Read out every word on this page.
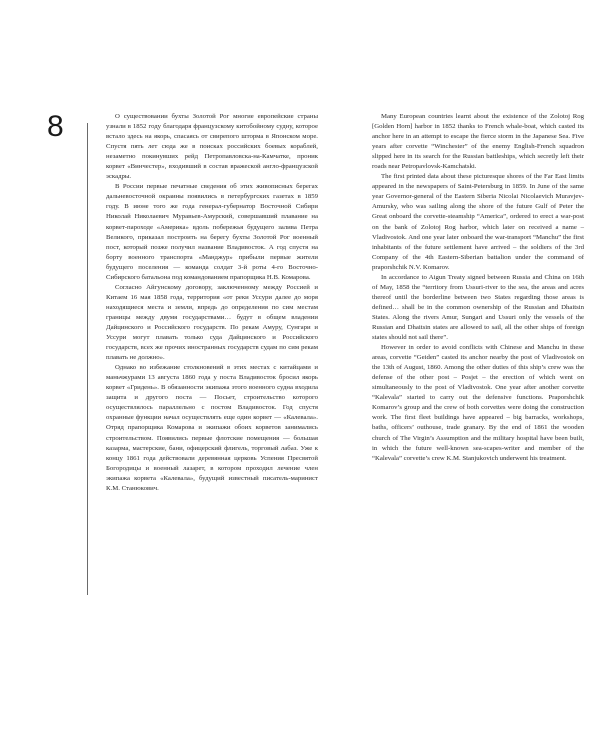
8	О существовании бухты Золотой Рог многие европейские страны узнали в 1852 году благодаря французскому китобойному судну, которое встало здесь на якорь, спасаясь от свирепого шторма в Японском море. Спустя пять лет сюда же в поисках российских боевых кораблей, незаметно покинувших рейд Петропавловска-на-Камчатке, проник корвет «Винчестер», входивший в состав вражеской англо-французской эскадры.

В России первые печатные сведения об этих живописных берегах дальневосточной окраины появились в петербургских газетах в 1859 году. В июне того же года генерал-губернатор Восточной Сибири Николай Николаевич Муравьев-Амурский, совершавший плавание на корвет-пароходе «Америка» вдоль побережья будущего залива Петра Великого, приказал построить на берегу бухты Золотой Рог военный пост, который позже получил название Владивосток. А год спустя на борту военного транспорта «Манджур» прибыли первые жители будущего поселения — команда солдат 3-й роты 4-го Восточно-Сибирского батальона под командованием прапорщика Н.В. Комарова.

Согласно Айгунскому договору, заключенному между Россией и Китаем 16 мая 1858 года, территория «от реки Уссури далее до моря находящиеся места и земли, впредь до определения по сим местам границы между двумя государствами… будут в общем владении Дайцинского и Российского государств. По рекам Амуру, Сунгари и Уссури могут плавать только суда Дайцинского и Российского государств, всех же прочих иностранных государств судам по сим рекам плавать не должно».

Однако во избежание столкновений в этих местах с китайцами и маньчжурами 13 августа 1860 года у поста Владивосток бросил якорь корвет «Гридень». В обязанности экипажа этого военного судна входила защита и другого поста — Посьет, строительство которого осуществлялось параллельно с постом Владивосток. Год спустя охранные функции начал осуществлять еще один корвет — «Калевала». Отряд прапорщика Комарова и экипажи обоих корветов занимались строительством. Появились первые флотские помещения — большая казарма, мастерские, бани, офицерский флигель, торговый лабаз. Уже к концу 1861 года действовали деревянная церковь Успения Пресвятой Богородицы и военный лазарет, в котором проходил лечение член экипажа корвета «Калевала», будущий известный писатель-маринист К.М. Станюкович.

Many European countries learnt about the existence of the Zolotoj Rog [Golden Horn] harbor in 1852 thanks to French whale-boat, which casted its anchor here in an attempt to escape the fierce storm in the Japanese Sea. Five years after corvette “Winchester” of the enemy English-French squadron slipped here in its search for the Russian battleships, which secretly left their roads near Petropavlovsk-Kamchatski.

The first printed data about these picturesque shores of the Far East limits appeared in the newspapers of Saint-Petersburg in 1859. In June of the same year Governor-general of the Eastern Siberia Nicolai Nicolaevich Muravjev-Amursky, who was sailing along the shore of the future Gulf of Peter the Great onboard the corvette-steamship “America”, ordered to erect a war-post on the bank of Zolotoj Rog harbor, which later on received a name – Vladivostok. And one year later onboard the war-transport “Manchu” the first inhabitants of the future settlement have arrived – the soldiers of the 3rd Company of the 4th Eastern-Siberian battalion under the command of praporshchik N.V. Komarov.

In accordance to Aigun Treaty signed between Russia and China on 16th of May, 1858 the “territory from Ussuri-river to the sea, the areas and acres thereof until the borderline between two States regarding those areas is defined… shall be in the common ownership of the Russian and Dhaitsin States. Along the rivers Amur, Sungari and Ussuri only the vessels of the Russian and Dhaitsin states are allowed to sail, all the other ships of foreign states should not sail there”.

However in order to avoid conflicts with Chinese and Manchu in these areas, corvette “Geiden” casted its anchor nearby the post of Vladivostok on the 13th of August, 1860. Among the other duties of this ship’s crew was the defense of the other post – Posjet – the erection of which went on simultaneously to the post of Vladivostok. One year after another corvette “Kalevala” started to carry out the defensive functions. Praporshchik Komarov’s group and the crew of both corvettes were doing the construction work. The first fleet buildings have appeared – big barracks, workshops, baths, officers’ outhouse, trade granary. By the end of 1861 the wooden church of The Virgin’s Assumption and the military hospital have been built, in which the future well-known sea-scapes-writer and member of the “Kalevala” corvette’s crew K.M. Stanjukovich underwent his treatment.
